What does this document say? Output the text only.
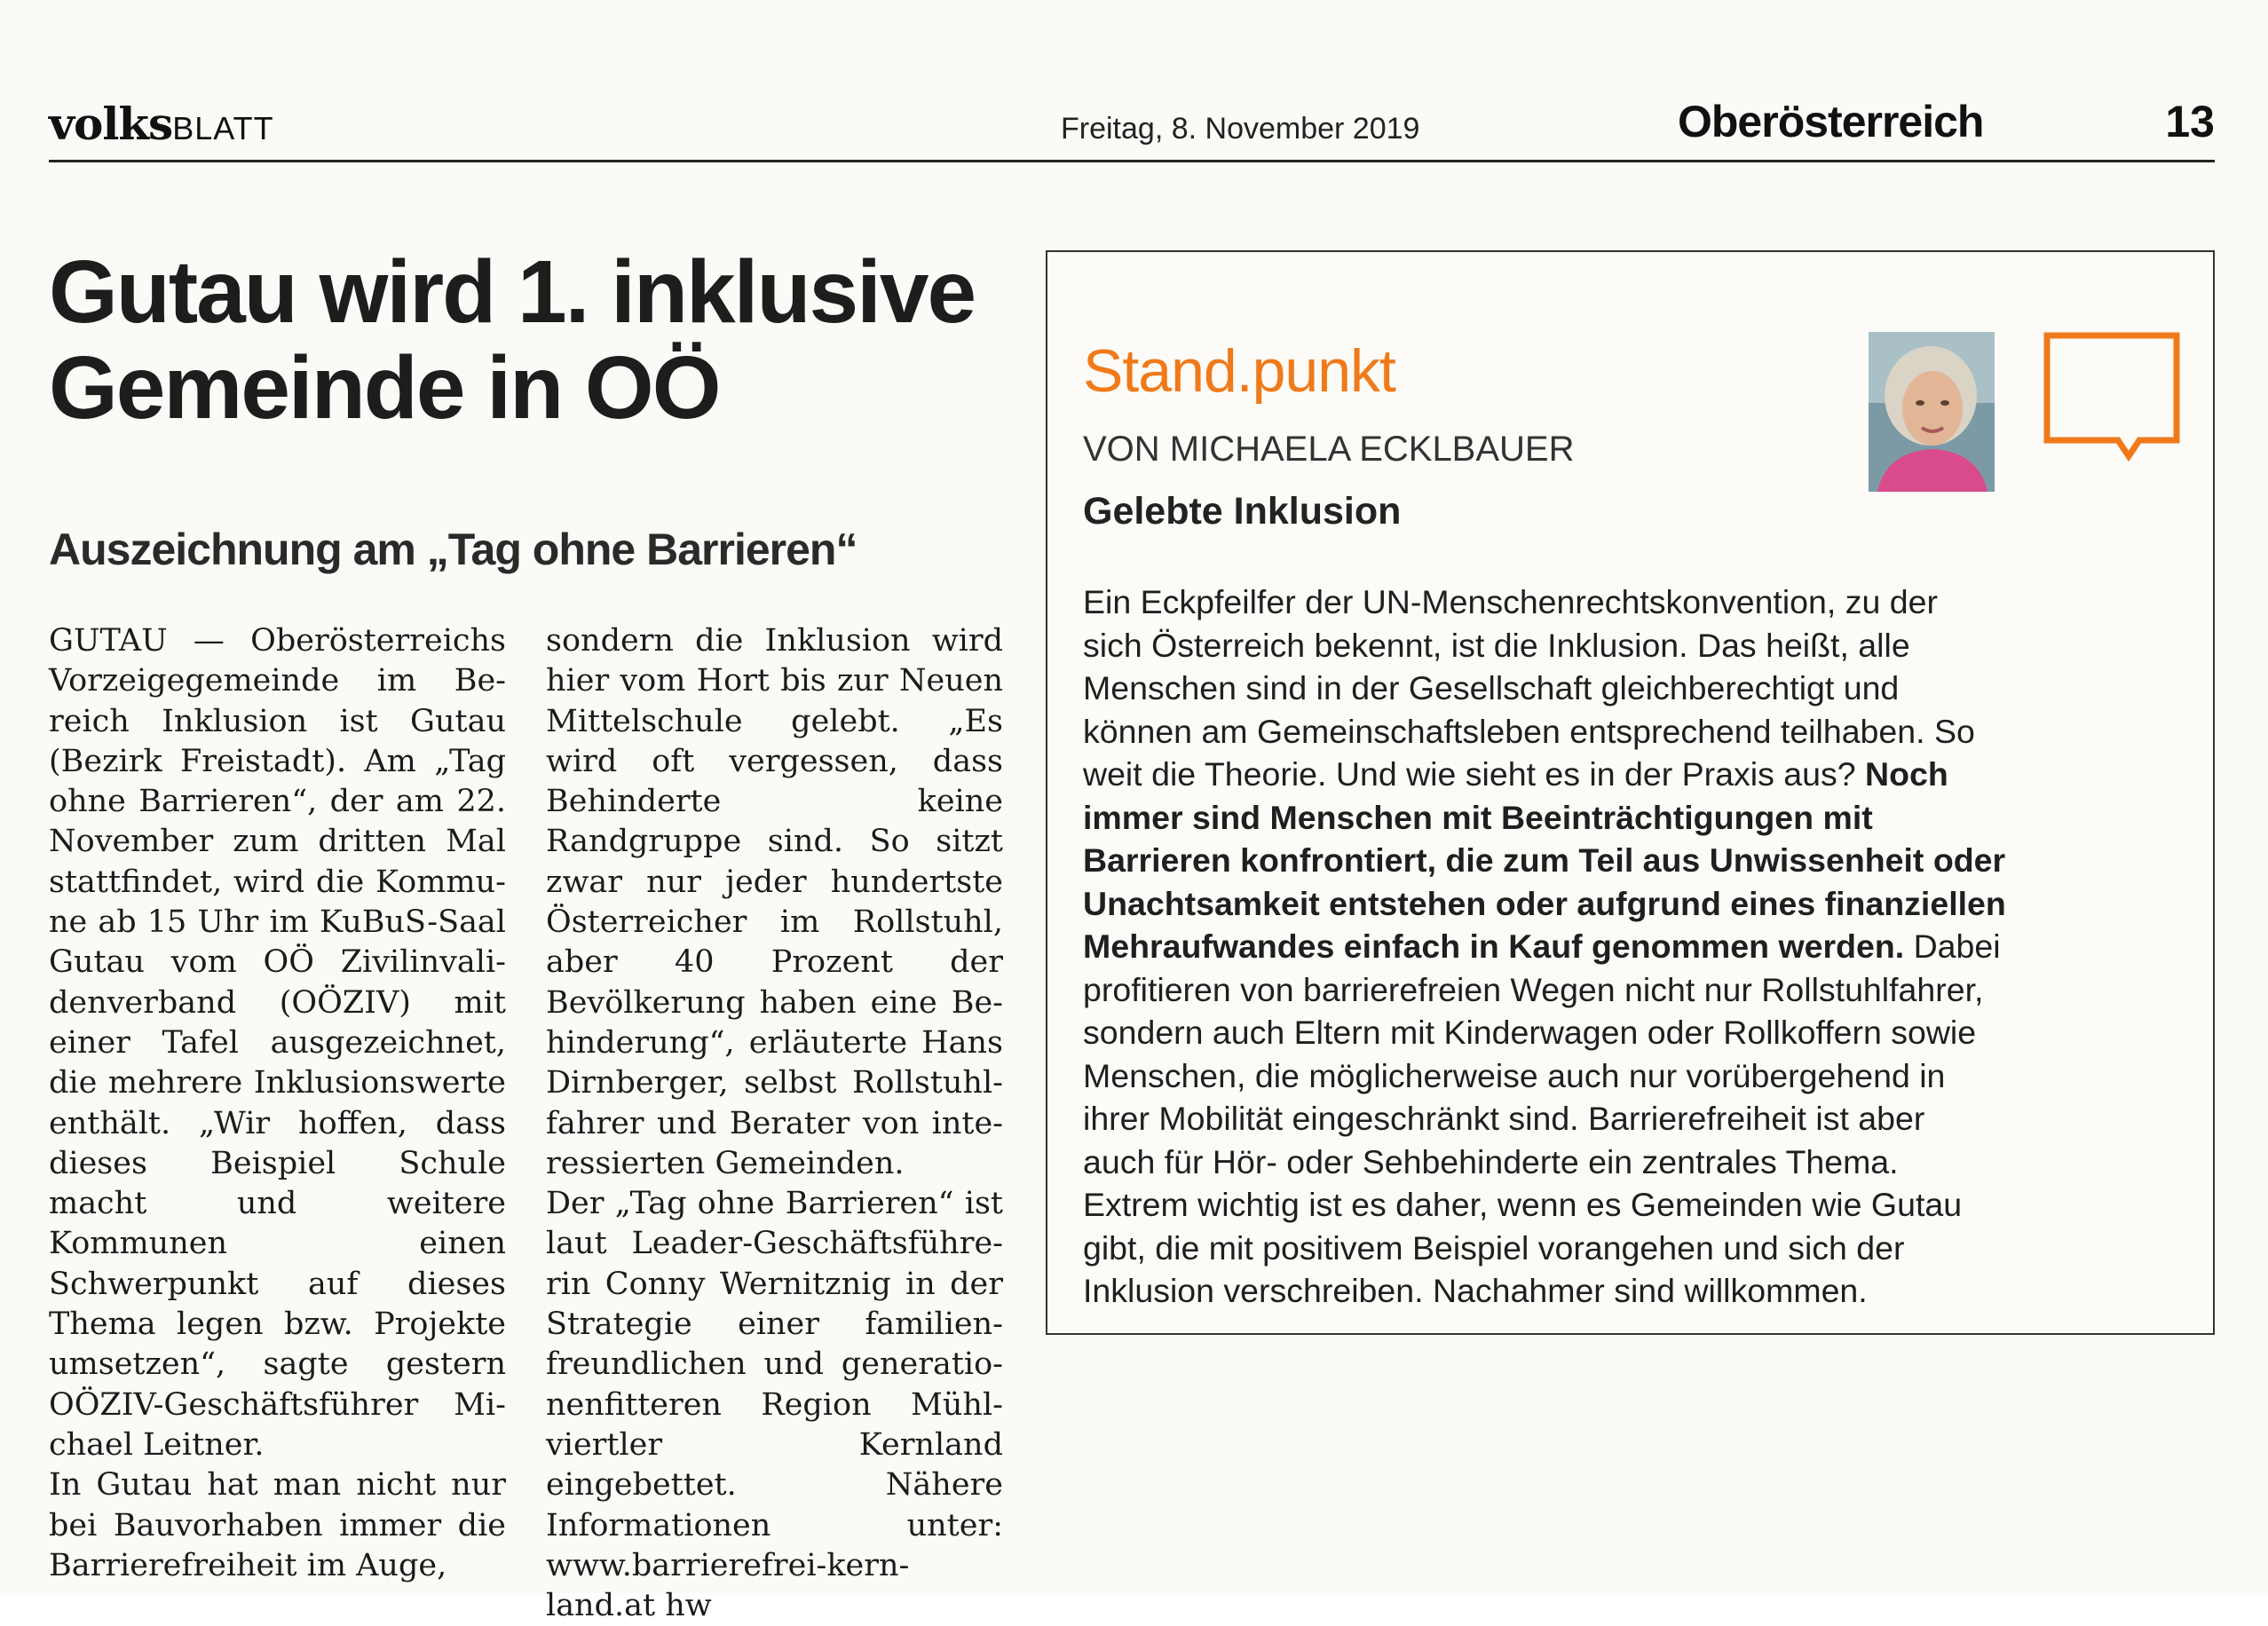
volksBLATT	Freitag, 8. November 2019	Oberösterreich	13
Gutau wird 1. inklusive
Gemeinde in OÖ
Auszeichnung am „Tag ohne Barrieren“

GUTAU — Oberösterreichs Vorzeigegemeinde im Bereich Inklusion ist Gutau (Bezirk Freistadt). Am „Tag ohne Barrieren“, der am 22. November zum dritten Mal stattfindet, wird die Kommune ab 15 Uhr im KuBuS-Saal Gutau vom OÖ Zivilinvalidenverband (OÖZIV) mit einer Tafel ausgezeichnet, die mehrere Inklusionswerte enthält. „Wir hoffen, dass dieses Beispiel Schule macht und weitere Kommunen einen Schwerpunkt auf dieses Thema legen bzw. Projekte umsetzen“, sagte gestern OÖZIV-Geschäftsführer Michael Leitner.

In Gutau hat man nicht nur bei Bauvorhaben immer die Barrierefreiheit im Auge,

sondern die Inklusion wird hier vom Hort bis zur Neuen Mittelschule gelebt. „Es wird oft vergessen, dass Behinderte keine Randgruppe sind. So sitzt zwar nur jeder hundertste Österreicher im Rollstuhl, aber 40 Prozent der Bevölkerung haben eine Behinderung“, erläuterte Hans Dirnberger, selbst Rollstuhlfahrer und Berater von interessierten Gemeinden.

Der „Tag ohne Barrieren“ ist laut Leader-Geschäftsführerin Conny Wernitznig in der Strategie einer familienfreundlichen und generationenfitteren Region Mühlviertler Kernland eingebettet. Nähere Informationen unter: www.barrierefrei-kernland.at hw

Stand.punkt
VON MICHAELA ECKLBAUER
Gelebte Inklusion

Ein Eckpfeilfer der UN-Menschenrechtskonvention, zu der sich Österreich bekennt, ist die Inklusion. Das heißt, alle Menschen sind in der Gesellschaft gleichberechtigt und können am Gemeinschaftsleben entsprechend teilhaben. So weit die Theorie. Und wie sieht es in der Praxis aus? Noch immer sind Menschen mit Beeinträchtigungen mit Barrieren konfrontiert, die zum Teil aus Unwissenheit oder Unachtsamkeit entstehen oder aufgrund eines finanziellen Mehraufwandes einfach in Kauf genommen werden. Dabei profitieren von barrierefreien Wegen nicht nur Rollstuhlfahrer, sondern auch Eltern mit Kinderwagen oder Rollkoffern sowie Menschen, die möglicherweise auch nur vorübergehend in ihrer Mobilität eingeschränkt sind. Barrierefreiheit ist aber auch für Hör- oder Sehbehinderte ein zentrales Thema. Extrem wichtig ist es daher, wenn es Gemeinden wie Gutau gibt, die mit positivem Beispiel vorangehen und sich der Inklusion verschreiben. Nachahmer sind willkommen.
